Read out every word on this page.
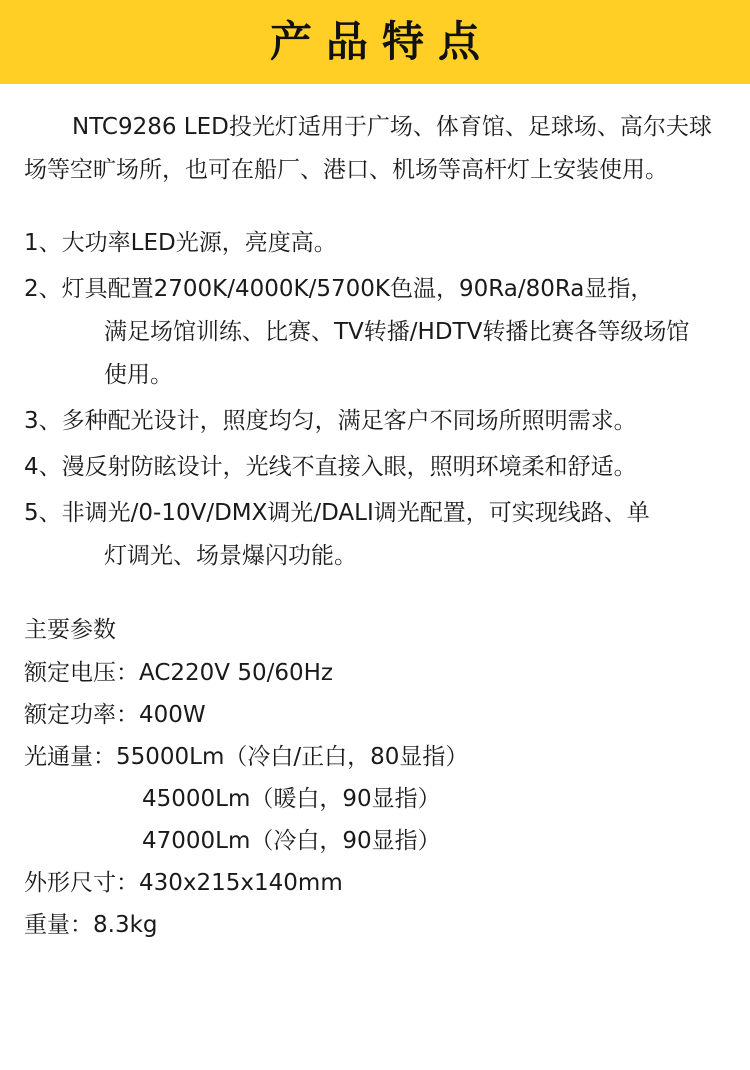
产品特点

NTC9286 LED投光灯适用于广场、体育馆、足球场、高尔夫球场等空旷场所，也可在船厂、港口、机场等高杆灯上安装使用。

1、大功率LED光源，亮度高。
2、灯具配置2700K/4000K/5700K色温，90Ra/80Ra显指，
满足场馆训练、比赛、TV转播/HDTV转播比赛各等级场馆
使用。
3、多种配光设计，照度均匀，满足客户不同场所照明需求。
4、漫反射防眩设计，光线不直接入眼，照明环境柔和舒适。
5、非调光/0-10V/DMX调光/DALI调光配置，可实现线路、单
灯调光、场景爆闪功能。
主要参数
额定电压：AC220V 50/60Hz
额定功率：400W
光通量：55000Lm（冷白/正白，80显指）
45000Lm（暖白，90显指）
47000Lm（冷白，90显指）
外形尺寸：430x215x140mm
重量：8.3kg
